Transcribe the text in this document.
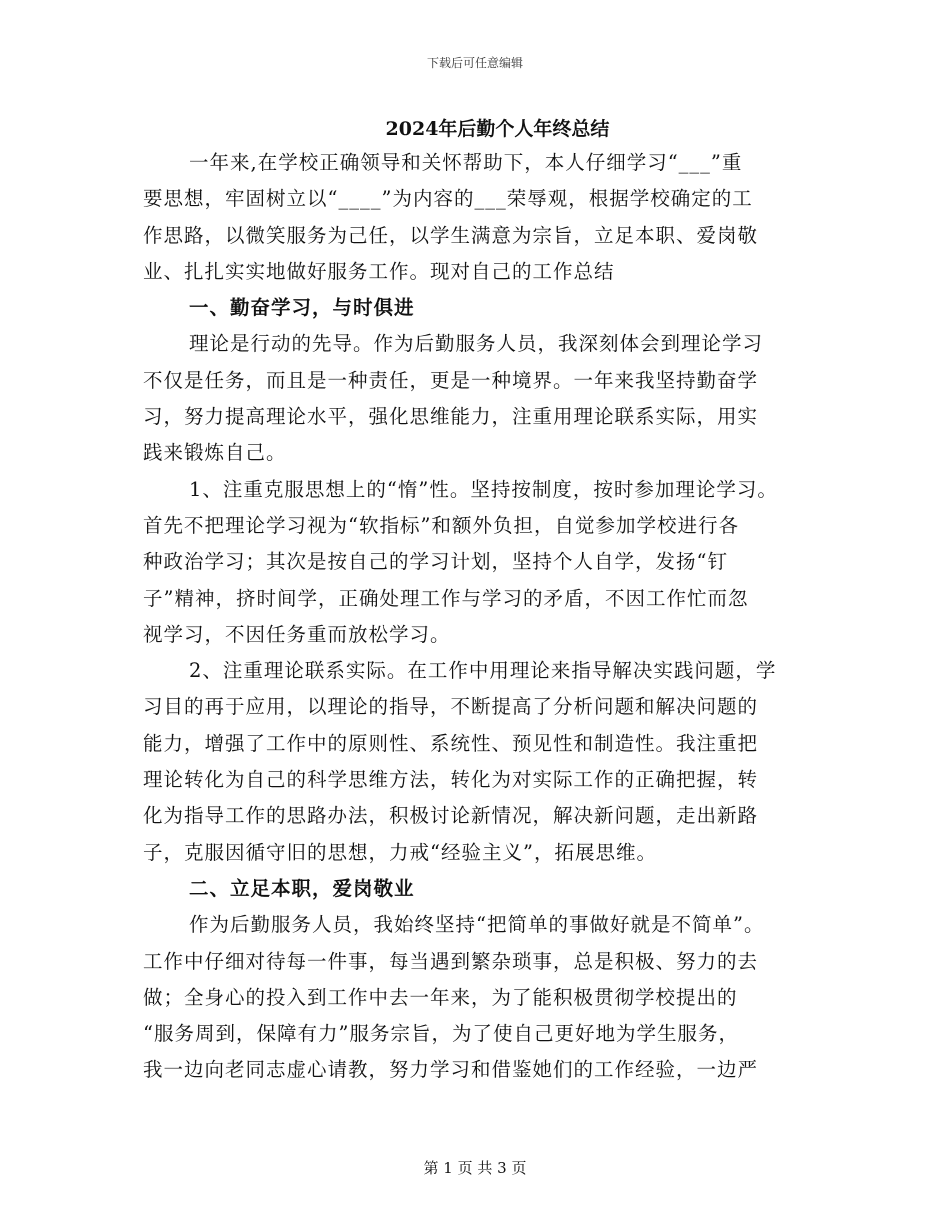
下载后可任意编辑
2024年后勤个人年终总结
一年来,在学校正确领导和关怀帮助下，本人仔细学习“___”重
要思想，牢固树立以“____”为内容的___荣辱观，根据学校确定的工
作思路，以微笑服务为己任，以学生满意为宗旨，立足本职、爱岗敬
业、扎扎实实地做好服务工作。现对自己的工作总结
一、勤奋学习，与时俱进
理论是行动的先导。作为后勤服务人员，我深刻体会到理论学习
不仅是任务，而且是一种责任，更是一种境界。一年来我坚持勤奋学
习，努力提高理论水平，强化思维能力，注重用理论联系实际，用实
践来锻炼自己。
1、注重克服思想上的“惰”性。坚持按制度，按时参加理论学习。
首先不把理论学习视为“软指标”和额外负担，自觉参加学校进行各
种政治学习；其次是按自己的学习计划，坚持个人自学，发扬“钉
子”精神，挤时间学，正确处理工作与学习的矛盾，不因工作忙而忽
视学习，不因任务重而放松学习。
2、注重理论联系实际。在工作中用理论来指导解决实践问题，学
习目的再于应用，以理论的指导，不断提高了分析问题和解决问题的
能力，增强了工作中的原则性、系统性、预见性和制造性。我注重把
理论转化为自己的科学思维方法，转化为对实际工作的正确把握，转
化为指导工作的思路办法，积极讨论新情况，解决新问题，走出新路
子，克服因循守旧的思想，力戒“经验主义”，拓展思维。
二、立足本职，爱岗敬业
作为后勤服务人员，我始终坚持“把简单的事做好就是不简单”。
工作中仔细对待每一件事，每当遇到繁杂琐事，总是积极、努力的去
做；全身心的投入到工作中去一年来，为了能积极贯彻学校提出的
“服务周到，保障有力”服务宗旨，为了使自己更好地为学生服务，
我一边向老同志虚心请教，努力学习和借鉴她们的工作经验，一边严
第 1 页 共 3 页
